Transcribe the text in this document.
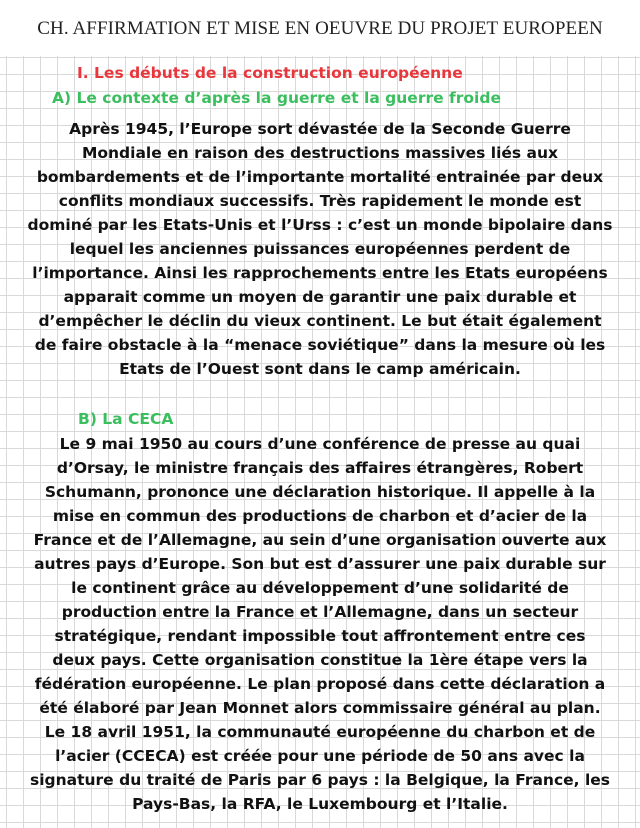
CH. AFFIRMATION ET MISE EN OEUVRE DU PROJET EUROPEEN
I. Les débuts de la construction européenne
A) Le contexte d’après la guerre et la guerre froide
Après 1945, l’Europe sort dévastée de la Seconde Guerre
Mondiale en raison des destructions massives liés aux
bombardements et de l’importante mortalité entrainée par deux
conflits mondiaux successifs. Très rapidement le monde est
dominé par les Etats-Unis et l’Urss : c’est un monde bipolaire dans
lequel les anciennes puissances européennes perdent de
l’importance. Ainsi les rapprochements entre les Etats européens
apparait comme un moyen de garantir une paix durable et
d’empêcher le déclin du vieux continent. Le but était également
de faire obstacle à la “menace soviétique” dans la mesure où les
Etats de l’Ouest sont dans le camp américain.
B) La CECA
Le 9 mai 1950 au cours d’une conférence de presse au quai
d’Orsay, le ministre français des affaires étrangères, Robert
Schumann, prononce une déclaration historique. Il appelle à la
mise en commun des productions de charbon et d’acier de la
France et de l’Allemagne, au sein d’une organisation ouverte aux
autres pays d’Europe. Son but est d’assurer une paix durable sur
le continent grâce au développement d’une solidarité de
production entre la France et l’Allemagne, dans un secteur
stratégique, rendant impossible tout affrontement entre ces
deux pays. Cette organisation constitue la 1ère étape vers la
fédération européenne. Le plan proposé dans cette déclaration a
été élaboré par Jean Monnet alors commissaire général au plan.
Le 18 avril 1951, la communauté européenne du charbon et de
l’acier (CCECA) est créée pour une période de 50 ans avec la
signature du traité de Paris par 6 pays : la Belgique, la France, les
Pays-Bas, la RFA, le Luxembourg et l’Italie.
